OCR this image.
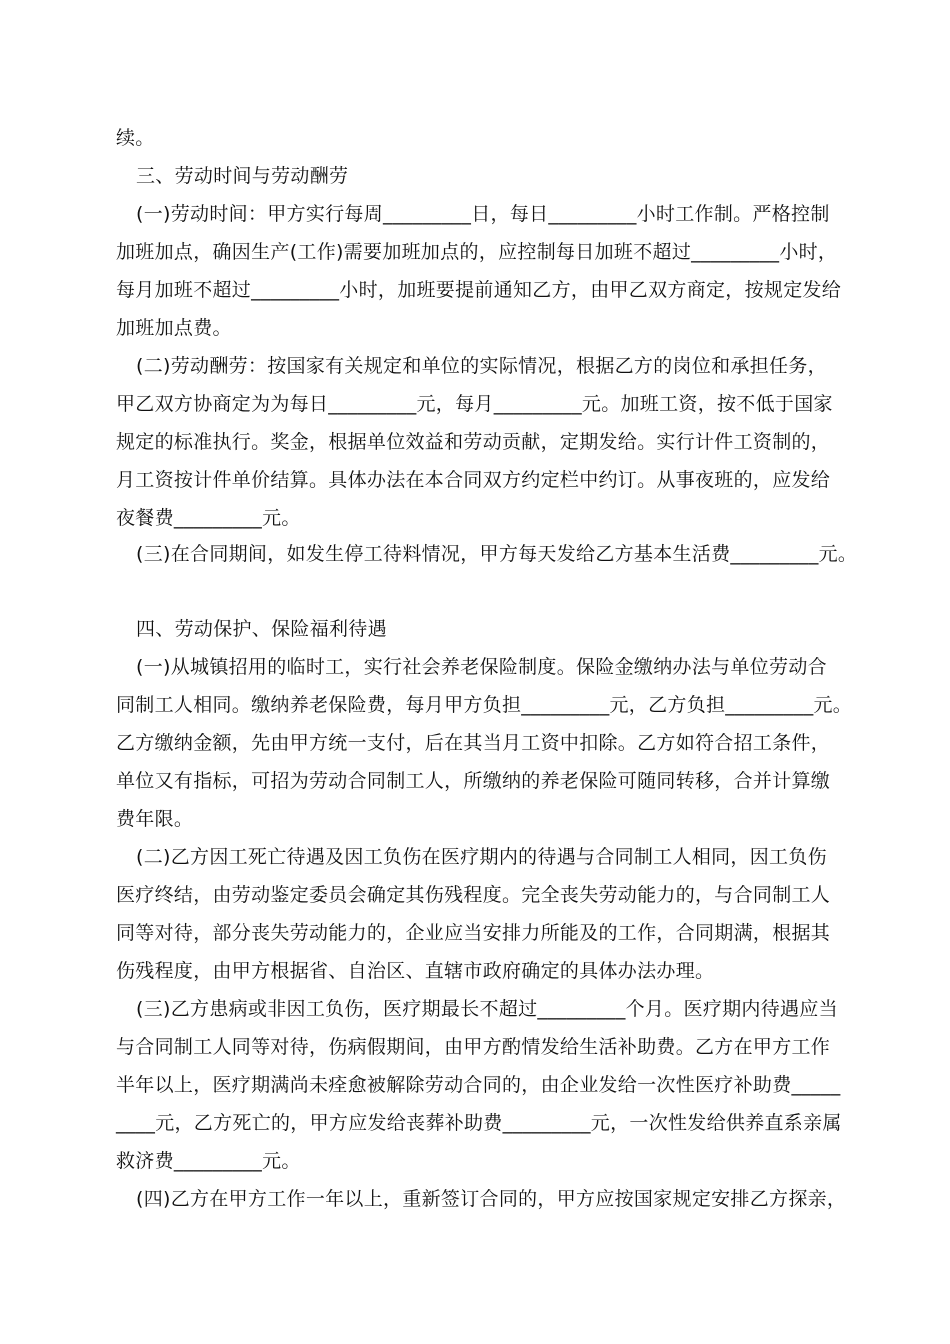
续。
三、劳动时间与劳动酬劳
(一)劳动时间：甲方实行每周_________日，每日_________小时工作制。严格控制
加班加点，确因生产(工作)需要加班加点的，应控制每日加班不超过_________小时，
每月加班不超过_________小时，加班要提前通知乙方，由甲乙双方商定，按规定发给
加班加点费。
(二)劳动酬劳：按国家有关规定和单位的实际情况，根据乙方的岗位和承担任务，
甲乙双方协商定为为每日_________元，每月_________元。加班工资，按不低于国家
规定的标准执行。奖金，根据单位效益和劳动贡献，定期发给。实行计件工资制的，
月工资按计件单价结算。具体办法在本合同双方约定栏中约订。从事夜班的，应发给
夜餐费_________元。
(三)在合同期间，如发生停工待料情况，甲方每天发给乙方基本生活费_________元。
四、劳动保护、保险福利待遇
(一)从城镇招用的临时工，实行社会养老保险制度。保险金缴纳办法与单位劳动合
同制工人相同。缴纳养老保险费，每月甲方负担_________元，乙方负担_________元。
乙方缴纳金额，先由甲方统一支付，后在其当月工资中扣除。乙方如符合招工条件，
单位又有指标，可招为劳动合同制工人，所缴纳的养老保险可随同转移，合并计算缴
费年限。
(二)乙方因工死亡待遇及因工负伤在医疗期内的待遇与合同制工人相同，因工负伤
医疗终结，由劳动鉴定委员会确定其伤残程度。完全丧失劳动能力的，与合同制工人
同等对待，部分丧失劳动能力的，企业应当安排力所能及的工作，合同期满，根据其
伤残程度，由甲方根据省、自治区、直辖市政府确定的具体办法办理。
(三)乙方患病或非因工负伤，医疗期最长不超过_________个月。医疗期内待遇应当
与合同制工人同等对待，伤病假期间，由甲方酌情发给生活补助费。乙方在甲方工作
半年以上，医疗期满尚未痊愈被解除劳动合同的，由企业发给一次性医疗补助费_____
____元，乙方死亡的，甲方应发给丧葬补助费_________元，一次性发给供养直系亲属
救济费_________元。
(四)乙方在甲方工作一年以上，重新签订合同的，甲方应按国家规定安排乙方探亲，
